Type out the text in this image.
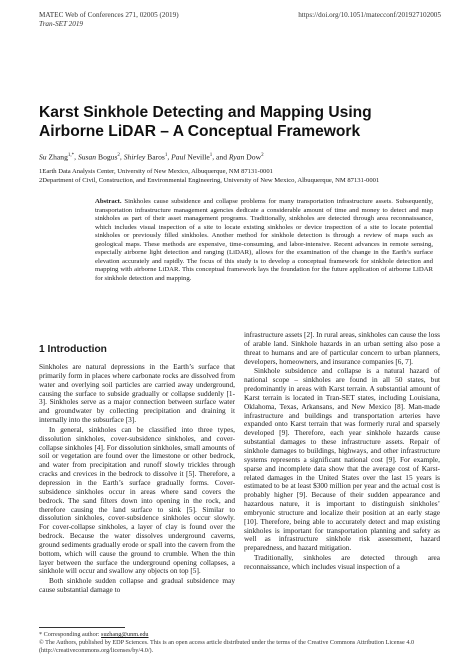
MATEC Web of Conferences 271, 02005 (2019)	https://doi.org/10.1051/matecconf/201927102005
Tran-SET 2019
Karst Sinkhole Detecting and Mapping Using Airborne LiDAR – A Conceptual Framework
Su Zhang$^{1,*}$, Susan Bogus$^2$, Shirley Baros$^1$, Paul Neville$^1$, and Ryan Dow$^2$
1Earth Data Analysis Center, University of New Mexico, Albuquerque, NM 87131-0001
2Department of Civil, Construction, and Environmental Engineering, University of New Mexico, Albuquerque, NM 87131-0001
Abstract. Sinkholes cause subsidence and collapse problems for many transportation infrastructure assets. Subsequently, transportation infrastructure management agencies dedicate a considerable amount of time and money to detect and map sinkholes as part of their asset management programs. Traditionally, sinkholes are detected through area reconnaissance, which includes visual inspection of a site to locate existing sinkholes or device inspection of a site to locate potential sinkholes or previously filled sinkholes. Another method for sinkhole detection is through a review of maps such as geological maps. These methods are expensive, time-consuming, and labor-intensive. Recent advances in remote sensing, especially airborne light detection and ranging (LiDAR), allows for the examination of the change in the Earth’s surface elevation accurately and rapidly. The focus of this study is to develop a conceptual framework for sinkhole detection and mapping with airborne LiDAR. This conceptual framework lays the foundation for the future application of airborne LiDAR for sinkhole detection and mapping.
1 Introduction

Sinkholes are natural depressions in the Earth’s surface that primarily form in places where carbonate rocks are dissolved from water and overlying soil particles are carried away underground, causing the surface to subside gradually or collapse suddenly [1-3]. Sinkholes serve as a major connection between surface water and groundwater by collecting precipitation and draining it internally into the subsurface [3].

In general, sinkholes can be classified into three types, dissolution sinkholes, cover-subsidence sinkholes, and cover-collapse sinkholes [4]. For dissolution sinkholes, small amounts of soil or vegetation are found over the limestone or other bedrock, and water from precipitation and runoff slowly trickles through cracks and crevices in the bedrock to dissolve it [5]. Therefore, a depression in the Earth’s surface gradually forms. Cover-subsidence sinkholes occur in areas where sand covers the bedrock. The sand filters down into opening in the rock, and therefore causing the land surface to sink [5]. Similar to dissolution sinkholes, cover-subsidence sinkholes occur slowly. For cover-collapse sinkholes, a layer of clay is found over the bedrock. Because the water dissolves underground caverns, ground sediments gradually erode or spall into the cavern from the bottom, which will cause the ground to crumble. When the thin layer between the surface the underground opening collapses, a sinkhole will occur and swallow any objects on top [5].

Both sinkhole sudden collapse and gradual subsidence may cause substantial damage to

infrastructure assets [2]. In rural areas, sinkholes can cause the loss of arable land. Sinkhole hazards in an urban setting also pose a threat to humans and are of particular concern to urban planners, developers, homeowners, and insurance companies [6, 7].

Sinkhole subsidence and collapse is a natural hazard of national scope – sinkholes are found in all 50 states, but predominantly in areas with Karst terrain. A substantial amount of Karst terrain is located in Tran-SET states, including Louisiana, Oklahoma, Texas, Arkansans, and New Mexico [8]. Man-made infrastructure and buildings and transportation arteries have expanded onto Karst terrain that was formerly rural and sparsely developed [9]. Therefore, each year sinkhole hazards cause substantial damages to these infrastructure assets. Repair of sinkhole damages to buildings, highways, and other infrastructure systems represents a significant national cost [9]. For example, sparse and incomplete data show that the average cost of Karst-related damages in the United States over the last 15 years is estimated to be at least $300 million per year and the actual cost is probably higher [9]. Because of their sudden appearance and hazardous nature, it is important to distinguish sinkholes’ embryonic structure and localize their position at an early stage [10]. Therefore, being able to accurately detect and map existing sinkholes is important for transportation planning and safety as well as infrastructure sinkhole risk assessment, hazard preparedness, and hazard mitigation.

Traditionally, sinkholes are detected through area reconnaissance, which includes visual inspection of a

* Corresponding author: suzhang@unm.edu
© The Authors, published by EDP Sciences. This is an open access article distributed under the terms of the Creative Commons Attribution License 4.0 (http://creativecommons.org/licenses/by/4.0/).
